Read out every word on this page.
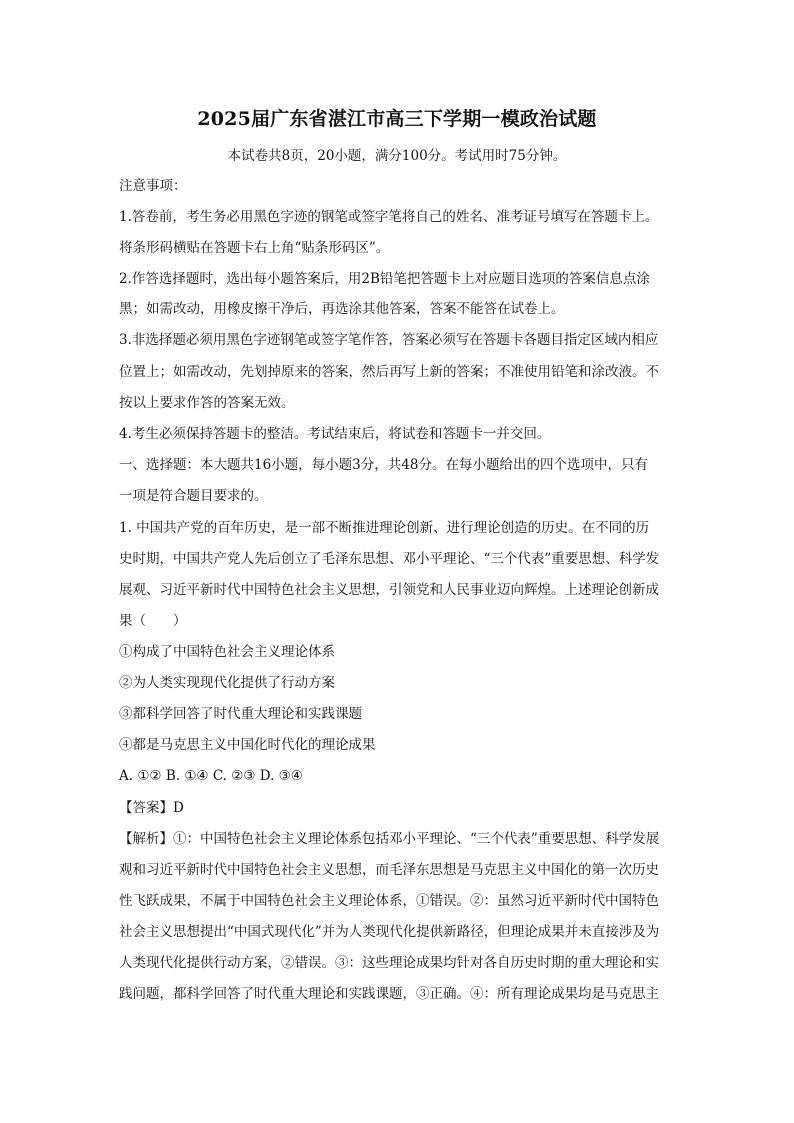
2025届广东省湛江市高三下学期一模政治试题
本试卷共8页，20小题，满分100分。考试用时75分钟。
注意事项：
1.答卷前，考生务必用黑色字迹的钢笔或签字笔将自己的姓名、准考证号填写在答题卡上。
将条形码横贴在答题卡右上角“贴条形码区”。
2.作答选择题时，选出每小题答案后，用2B铅笔把答题卡上对应题目选项的答案信息点涂
黑；如需改动，用橡皮擦干净后，再选涂其他答案，答案不能答在试卷上。
3.非选择题必须用黑色字迹钢笔或签字笔作答，答案必须写在答题卡各题目指定区域内相应
位置上；如需改动，先划掉原来的答案，然后再写上新的答案；不准使用铅笔和涂改液。不
按以上要求作答的答案无效。
4.考生必须保持答题卡的整洁。考试结束后，将试卷和答题卡一并交回。
一、选择题：本大题共16小题，每小题3分，共48分。在每小题给出的四个选项中，只有
一项是符合题目要求的。
1. 中国共产党的百年历史，是一部不断推进理论创新、进行理论创造的历史。在不同的历
史时期，中国共产党人先后创立了毛泽东思想、邓小平理论、“三个代表”重要思想、科学发
展观、习近平新时代中国特色社会主义思想，引领党和人民事业迈向辉煌。上述理论创新成
果（　　）
①构成了中国特色社会主义理论体系
②为人类实现现代化提供了行动方案
③都科学回答了时代重大理论和实践课题
④都是马克思主义中国化时代化的理论成果
A. ①② B. ①④ C. ②③ D. ③④
【答案】D
【解析】①：中国特色社会主义理论体系包括邓小平理论、“三个代表”重要思想、科学发展
观和习近平新时代中国特色社会主义思想，而毛泽东思想是马克思主义中国化的第一次历史
性飞跃成果，不属于中国特色社会主义理论体系，①错误。②：虽然习近平新时代中国特色
社会主义思想提出“中国式现代化”并为人类现代化提供新路径，但理论成果并未直接涉及为
人类现代化提供行动方案，②错误。③：这些理论成果均针对各自历史时期的重大理论和实
践问题，都科学回答了时代重大理论和实践课题，③正确。④：所有理论成果均是马克思主
